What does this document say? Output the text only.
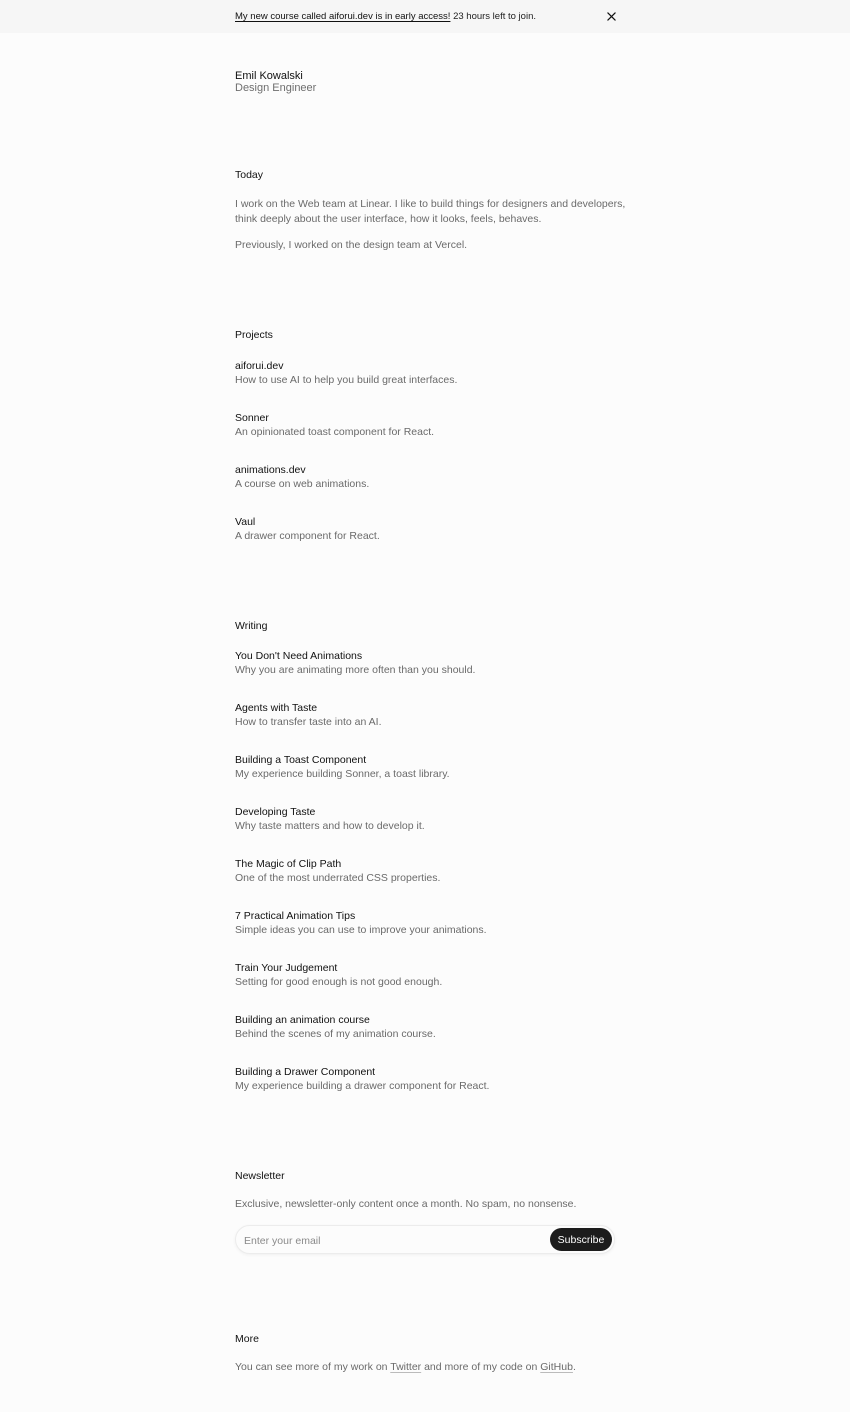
My new course called aiforui.dev is in early access! 23 hours left to join.
Emil Kowalski
Design Engineer
Today
I work on the Web team at Linear. I like to build things for designers and developers,
think deeply about the user interface, how it looks, feels, behaves.
Previously, I worked on the design team at Vercel.
Projects
aiforui.dev
How to use AI to help you build great interfaces.
Sonner
An opinionated toast component for React.
animations.dev
A course on web animations.
Vaul
A drawer component for React.
Writing
You Don't Need Animations
Why you are animating more often than you should.
Agents with Taste
How to transfer taste into an AI.
Building a Toast Component
My experience building Sonner, a toast library.
Developing Taste
Why taste matters and how to develop it.
The Magic of Clip Path
One of the most underrated CSS properties.
7 Practical Animation Tips
Simple ideas you can use to improve your animations.
Train Your Judgement
Setting for good enough is not good enough.
Building an animation course
Behind the scenes of my animation course.
Building a Drawer Component
My experience building a drawer component for React.
Newsletter
Exclusive, newsletter-only content once a month. No spam, no nonsense.
Enter your email
Subscribe
More
You can see more of my work on Twitter and more of my code on GitHub.
